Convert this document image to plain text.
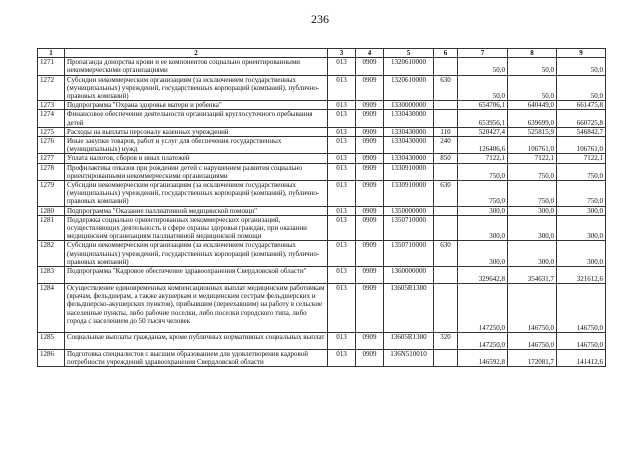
236
1	2	3	4	5	6	7	8	9
1271	Пропаганда донорства крови и ее компонентов социально ориентированными некоммерческими организациями	013	0909	1320610000		50,0	50,0	50,0
1272	Субсидии некоммерческим организациям (за исключением государственных (муниципальных) учреждений, государственных корпораций (компаний), публично-правовых компаний)	013	0909	1320610000	630	50,0	50,0	50,0
1273	Подпрограмма "Охрана здоровья матери и ребенка"	013	0909	1330000000		654706,1	640449,0	661475,8
1274	Финансовое обеспечение деятельности организаций круглосуточного пребывания детей	013	0909	1330430000		653956,1	639699,0	660725,8
1275	Расходы на выплаты персоналу казенных учреждений	013	0909	1330430000	110	520427,4	525815,9	546842,7
1276	Иные закупки товаров, работ и услуг для обеспечения государственных (муниципальных) нужд	013	0909	1330430000	240	126406,6	106761,0	106761,0
1277	Уплата налогов, сборов и иных платежей	013	0909	1330430000	850	7122,1	7122,1	7122,1
1278	Профилактика отказов при рождении детей с нарушением развития социально ориентированными некоммерческими организациями	013	0909	1330910000		750,0	750,0	750,0
1279	Субсидии некоммерческим организациям (за исключением государственных (муниципальных) учреждений, государственных корпораций (компаний), публично-правовых компаний)	013	0909	1330910000	630	750,0	750,0	750,0
1280	Подпрограмма "Оказание паллиативной медицинской помощи"	013	0909	1350000000		300,0	300,0	300,0
1281	Поддержка социально ориентированных некоммерческих организаций, осуществляющих деятельность в сфере охраны здоровья граждан, при оказании медицинским организациям паллиативной медицинской помощи	013	0909	1350710000		300,0	300,0	300,0
1282	Субсидии некоммерческим организациям (за исключением государственных (муниципальных) учреждений, государственных корпораций (компаний), публично-правовых компаний)	013	0909	1350710000	630	300,0	300,0	300,0
1283	Подпрограмма "Кадровое обеспечение здравоохранения Свердловской области"	013	0909	1360000000		329642,8	354631,7	321612,6
1284	Осуществление единовременных компенсационных выплат медицинским работникам (врачам, фельдшерам, а также акушеркам и медицинским сестрам фельдшерских и фельдшерско-акушерских пунктов), прибывшим (переехавшим) на работу в сельские населенные пункты, либо рабочие поселки, либо поселки городского типа, либо города с населением до 50 тысяч человек	013	0909	13605R1380		147250,0	146750,0	146750,0
1285	Социальные выплаты гражданам, кроме публичных нормативных социальных выплат	013	0909	13605R1380	320	147250,0	146750,0	146750,0
1286	Подготовка специалистов с высшим образованием для удовлетворения кадровой потребности учреждений здравоохранения Свердловской области	013	0909	136N510010		146592,8	172081,7	141412,6
